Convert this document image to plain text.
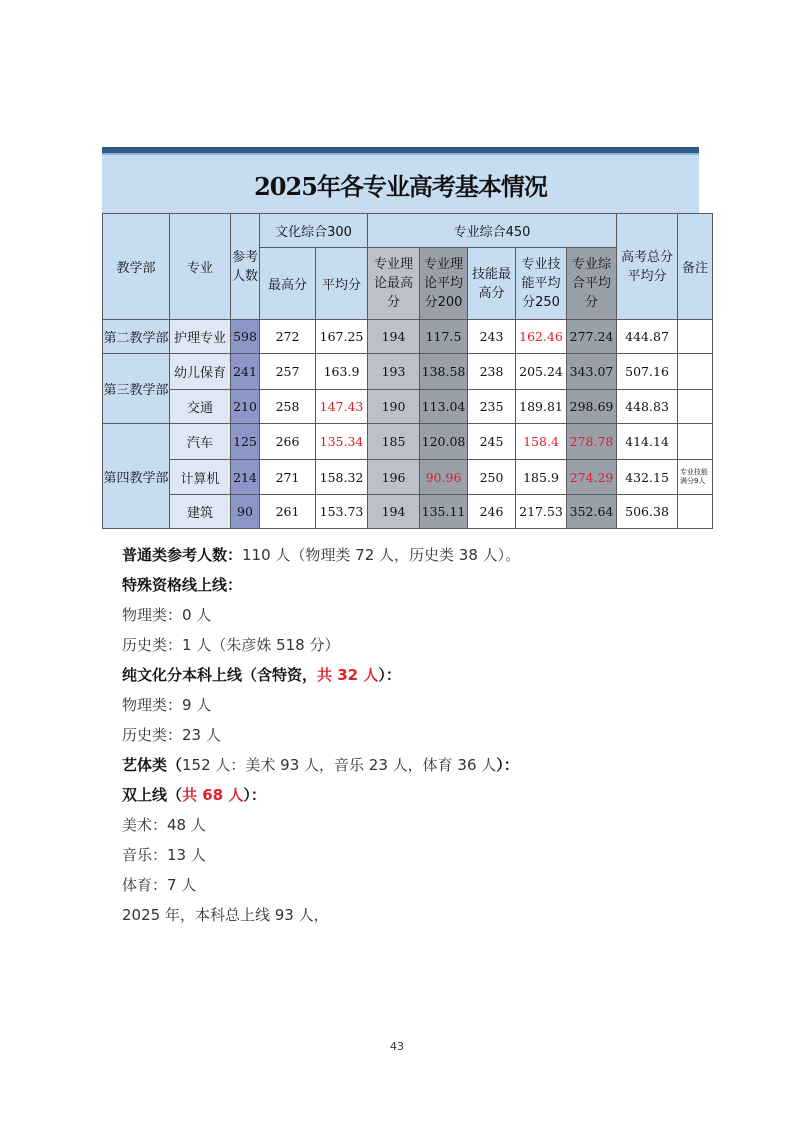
2025年各专业高考基本情况
教学部	专业	参考人数	文化综合300		专业综合450					高考总分平均分	备注
			最高分	平均分	专业理论最高分	专业理论平均分200	技能最高分	专业技能平均分250	专业综合平均分		
第二教学部	护理专业	598	272	167.25	194	117.5	243	162.46	277.24	444.87	
第三教学部	幼儿保育	241	257	163.9	193	138.58	238	205.24	343.07	507.16	
	交通	210	258	147.43	190	113.04	235	189.81	298.69	448.83	
第四教学部	汽车	125	266	135.34	185	120.08	245	158.4	278.78	414.14	
	计算机	214	271	158.32	196	90.96	250	185.9	274.29	432.15	专业技能满分9人
	建筑	90	261	153.73	194	135.11	246	217.53	352.64	506.38	
普通类参考人数：110 人（物理类 72 人，历史类 38 人）。
特殊资格线上线：
物理类：0 人
历史类：1 人（朱彦姝 518 分）
纯文化分本科上线（含特资，共 32 人）：
物理类：9 人
历史类：23 人
艺体类（152 人：美术 93 人，音乐 23 人，体育 36 人）：
双上线（共 68 人）：
美术：48 人
音乐：13 人
体育：7 人
2025 年，本科总上线 93 人，
43
